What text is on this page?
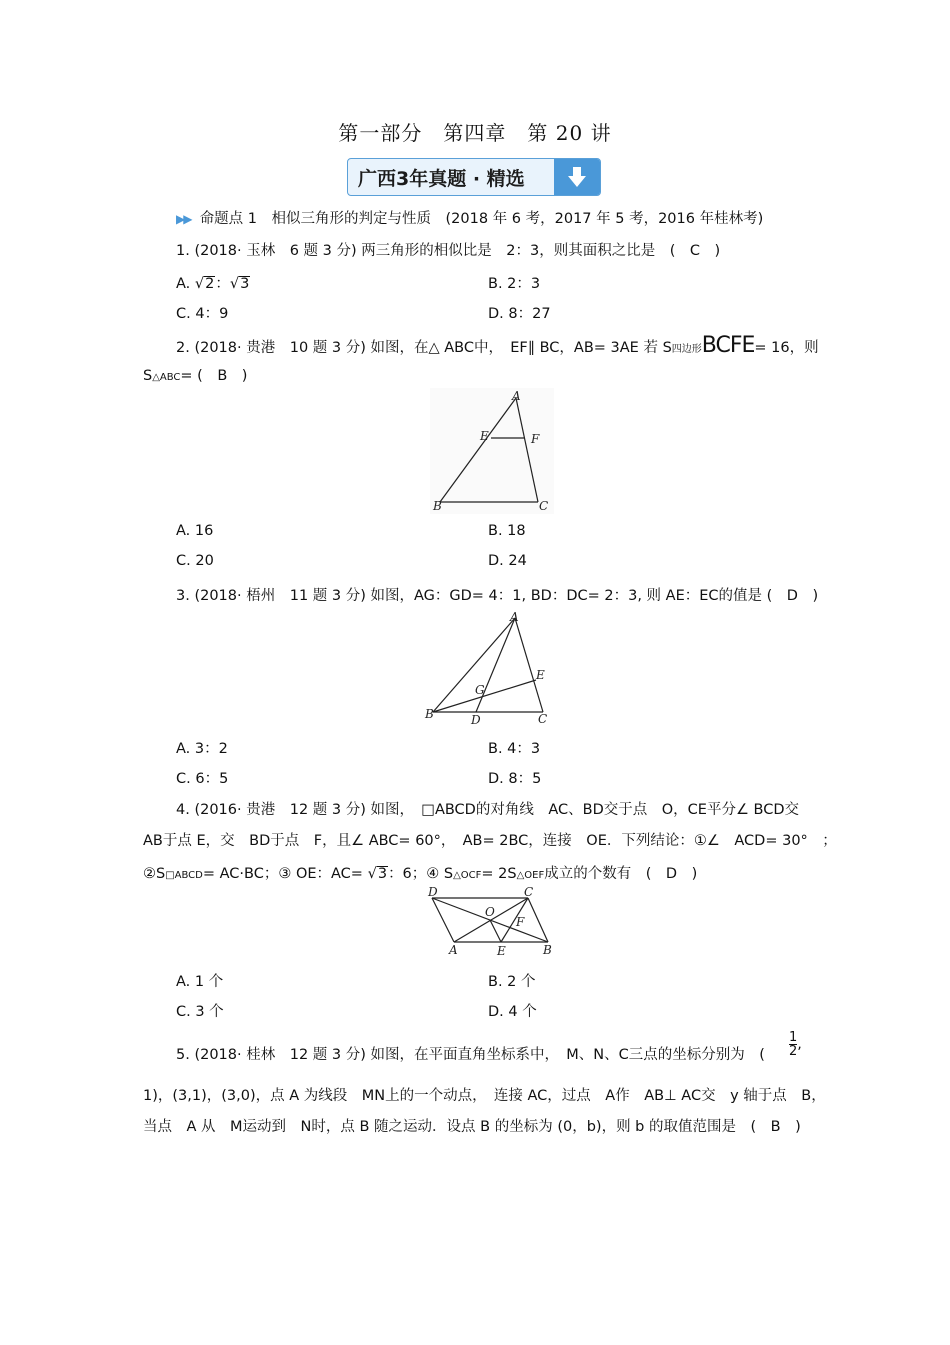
第一部分　第四章　第 20 讲
广西3年真题 · 精选
▶▶ 命题点 1　相似三角形的判定与性质　(2018 年 6 考，2017 年 5 考，2016 年桂林考)
1. (2018· 玉林　6 题 3 分) 两三角形的相似比是　2：3，则其面积之比是　(　C　)
A. √2：√3	B. 2：3
C. 4：9	D. 8：27
2. (2018· 贵港　10 题 3 分) 如图，在△ ABC中，　EF∥ BC，AB= 3AE 若 S四边形BCFE= 16，则
S△ABC= (　B　)
A
E	F
B	C
A. 16	B. 18
C. 20	D. 24
3. (2018· 梧州　11 题 3 分) 如图，AG：GD= 4：1, BD：DC= 2：3, 则 AE：EC的值是 (　D　)
A
E
G
B	D	C
A. 3：2	B. 4：3
C. 6：5	D. 8：5
4. (2016· 贵港　12 题 3 分) 如图，　□ABCD的对角线　AC、BD交于点　O，CE平分∠ BCD交
AB于点 E，交　BD于点　F，且∠ ABC= 60°，　AB= 2BC，连接　OE．下列结论：①∠　ACD= 30°　；
②S□ABCD= AC·BC；③ OE：AC= √3：6；④ S△OCF= 2S△OEF成立的个数有　(　D　)
D	C
O
F
A	E	B
A. 1 个	B. 2 个
C. 3 个	D. 4 个
5. (2018· 桂林　12 题 3 分) 如图，在平面直角坐标系中，　M、N、C三点的坐标分别为　( $\frac{1}{2}$ ,
1)，(3,1)，(3,0)，点 A 为线段　MN上的一个动点，　连接 AC，过点　A作　AB⊥ AC交　y 轴于点　B，
当点　A 从　M运动到　N时，点 B 随之运动．设点 B 的坐标为 (0，b)，则 b 的取值范围是　(　B　)
